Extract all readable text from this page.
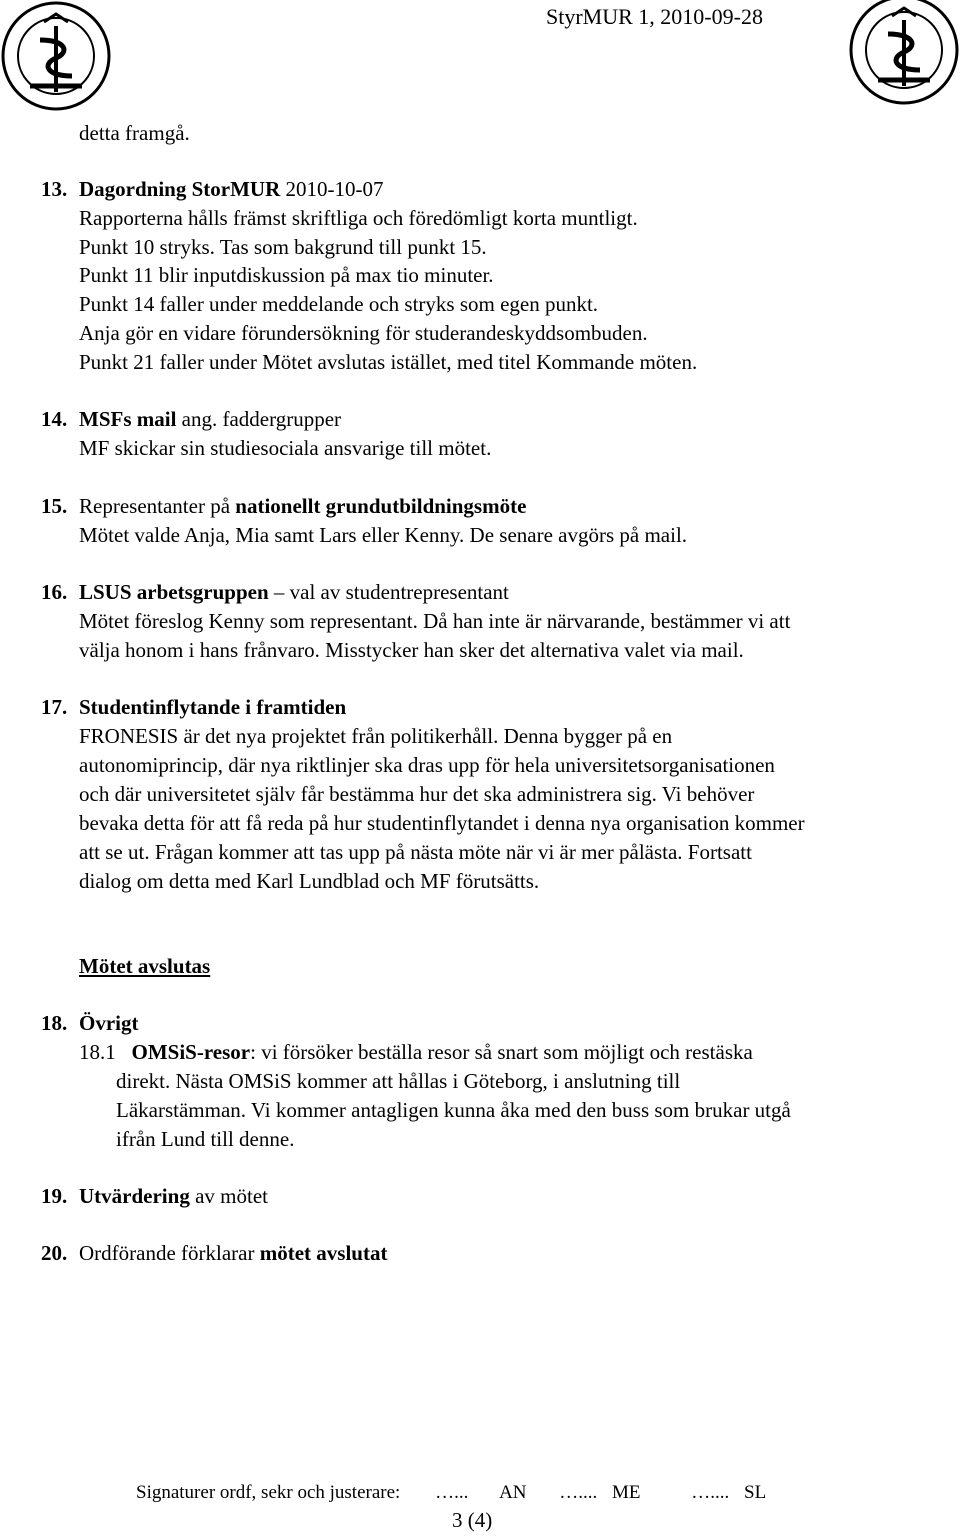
StyrMUR 1, 2010-09-28
detta framgå.
13. Dagordning StorMUR 2010-10-07
Rapporterna hålls främst skriftliga och föredömligt korta muntligt.
Punkt 10 stryks. Tas som bakgrund till punkt 15.
Punkt 11 blir inputdiskussion på max tio minuter.
Punkt 14 faller under meddelande och stryks som egen punkt.
Anja gör en vidare förundersökning för studerandeskyddsombuden.
Punkt 21 faller under Mötet avslutas istället, med titel Kommande möten.
14. MSFs mail ang. faddergrupper
MF skickar sin studiesociala ansvarige till mötet.
15. Representanter på nationellt grundutbildningsmöte
Mötet valde Anja, Mia samt Lars eller Kenny. De senare avgörs på mail.
16. LSUS arbetsgruppen – val av studentrepresentant
Mötet föreslog Kenny som representant. Då han inte är närvarande, bestämmer vi att
välja honom i hans frånvaro. Misstycker han sker det alternativa valet via mail.
17. Studentinflytande i framtiden
FRONESIS är det nya projektet från politikerhåll. Denna bygger på en
autonomiprincip, där nya riktlinjer ska dras upp för hela universitetsorganisationen
och där universitetet själv får bestämma hur det ska administrera sig. Vi behöver
bevaka detta för att få reda på hur studentinflytandet i denna nya organisation kommer
att se ut. Frågan kommer att tas upp på nästa möte när vi är mer pålästa. Fortsatt
dialog om detta med Karl Lundblad och MF förutsätts.
Mötet avslutas
18. Övrigt
18.1 OMSiS-resor: vi försöker beställa resor så snart som möjligt och restäska
direkt. Nästa OMSiS kommer att hållas i Göteborg, i anslutning till
Läkarstämman. Vi kommer antagligen kunna åka med den buss som brukar utgå
ifrån Lund till denne.
19. Utvärdering av mötet
20. Ordförande förklarar mötet avslutat
Signaturer ordf, sekr och justerare: …... AN ….... ME	….... SL
3 (4)
